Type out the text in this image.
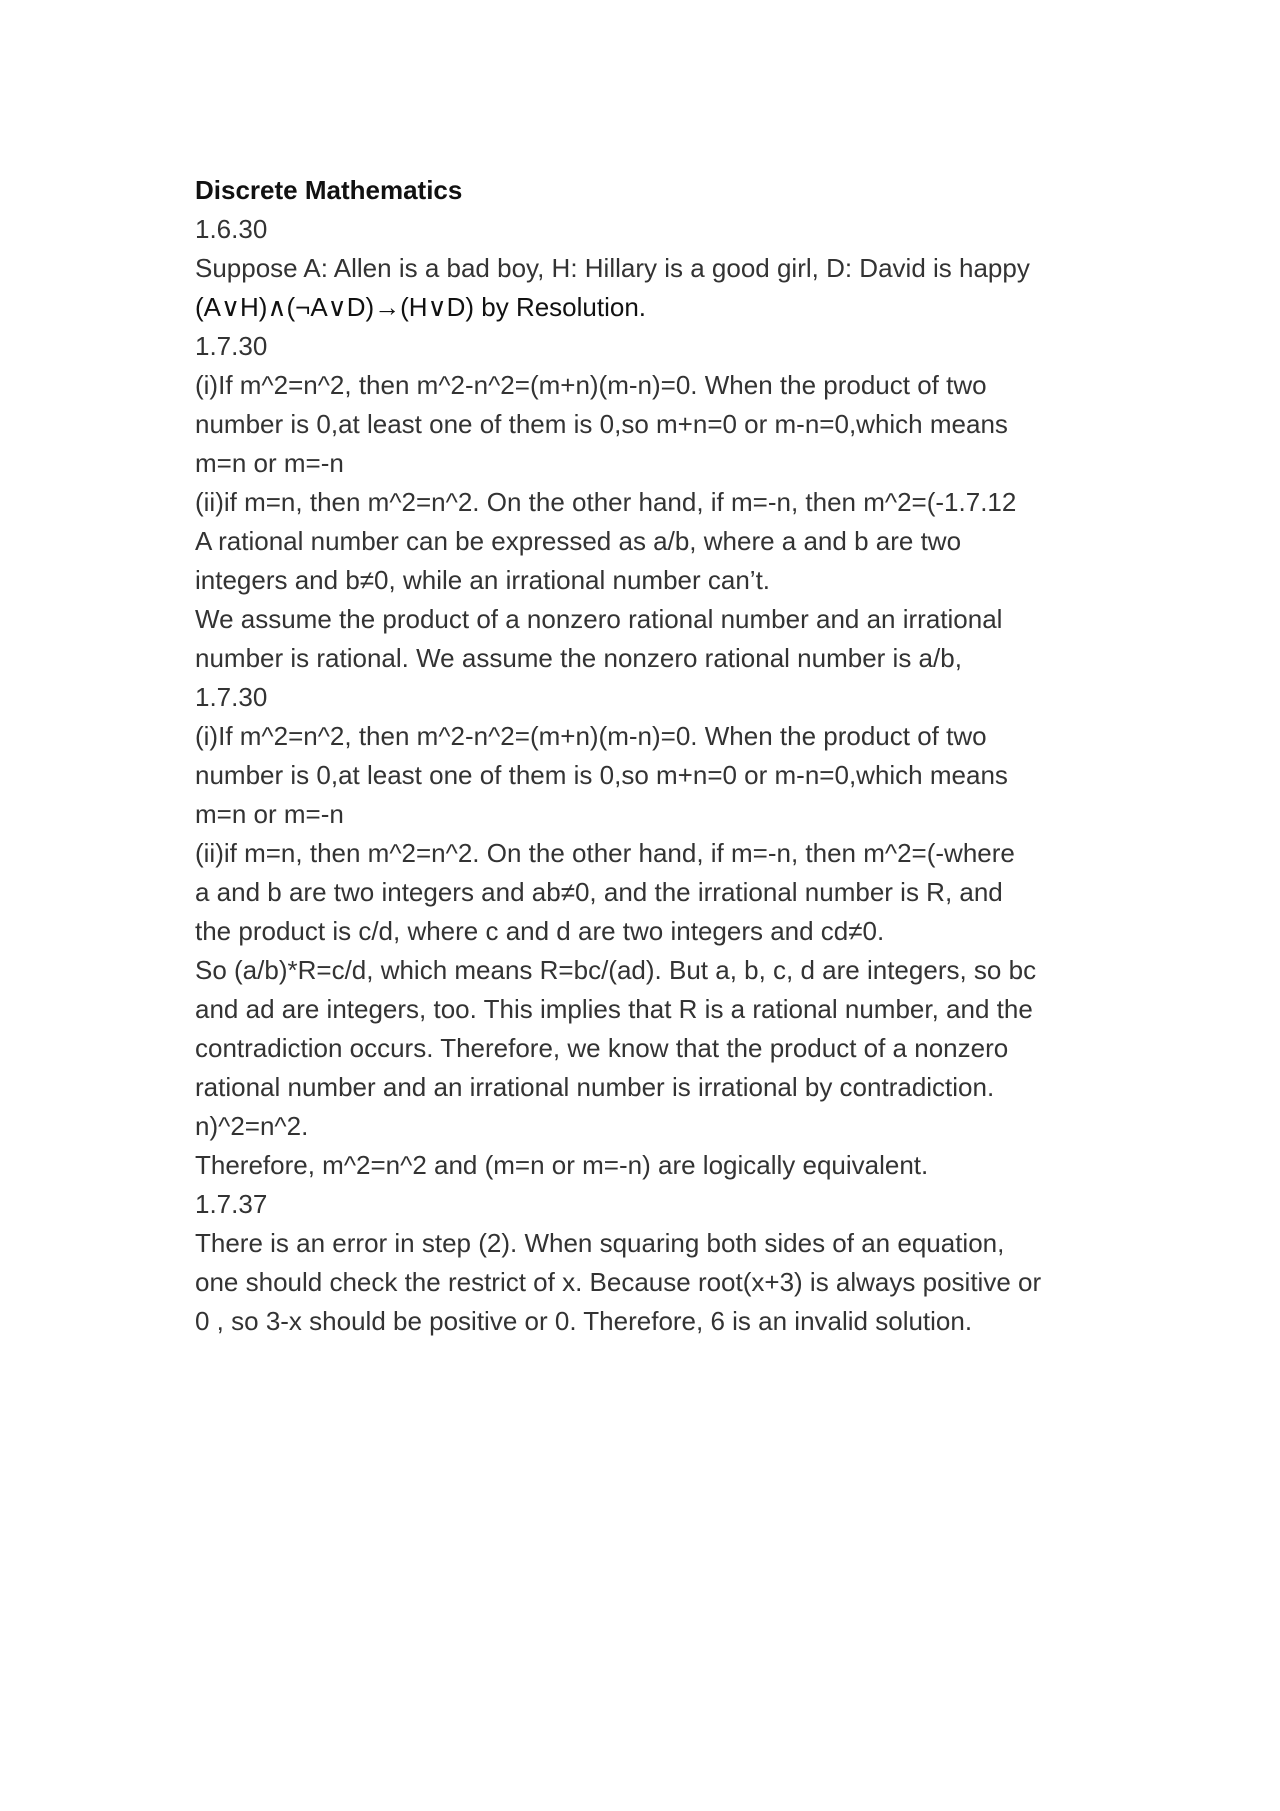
Discrete Mathematics

1.6.30

Suppose A: Allen is a bad boy, H: Hillary is a good girl, D: David is happy

(A∨H)∧(¬A∨D)→(H∨D) by Resolution.

1.7.30

(i)If m^2=n^2, then m^2-n^2=(m+n)(m-n)=0. When the product of two

number is 0,at least one of them is 0,so m+n=0 or m-n=0,which means

m=n or m=-n

(ii)if m=n, then m^2=n^2. On the other hand, if m=-n, then m^2=(-1.7.12

A rational number can be expressed as a/b, where a and b are two

integers and b≠0, while an irrational number can’t.

We assume the product of a nonzero rational number and an irrational

number is rational. We assume the nonzero rational number is a/b,

1.7.30

(i)If m^2=n^2, then m^2-n^2=(m+n)(m-n)=0. When the product of two

number is 0,at least one of them is 0,so m+n=0 or m-n=0,which means

m=n or m=-n

(ii)if m=n, then m^2=n^2. On the other hand, if m=-n, then m^2=(-where

a and b are two integers and ab≠0, and the irrational number is R, and

the product is c/d, where c and d are two integers and cd≠0.

So (a/b)*R=c/d, which means R=bc/(ad). But a, b, c, d are integers, so bc

and ad are integers, too. This implies that R is a rational number, and the

contradiction occurs. Therefore, we know that the product of a nonzero

rational number and an irrational number is irrational by contradiction.

n)^2=n^2.

Therefore, m^2=n^2 and (m=n or m=-n) are logically equivalent.

1.7.37

There is an error in step (2). When squaring both sides of an equation,

one should check the restrict of x. Because root(x+3) is always positive or

0 , so 3-x should be positive or 0. Therefore, 6 is an invalid solution.
